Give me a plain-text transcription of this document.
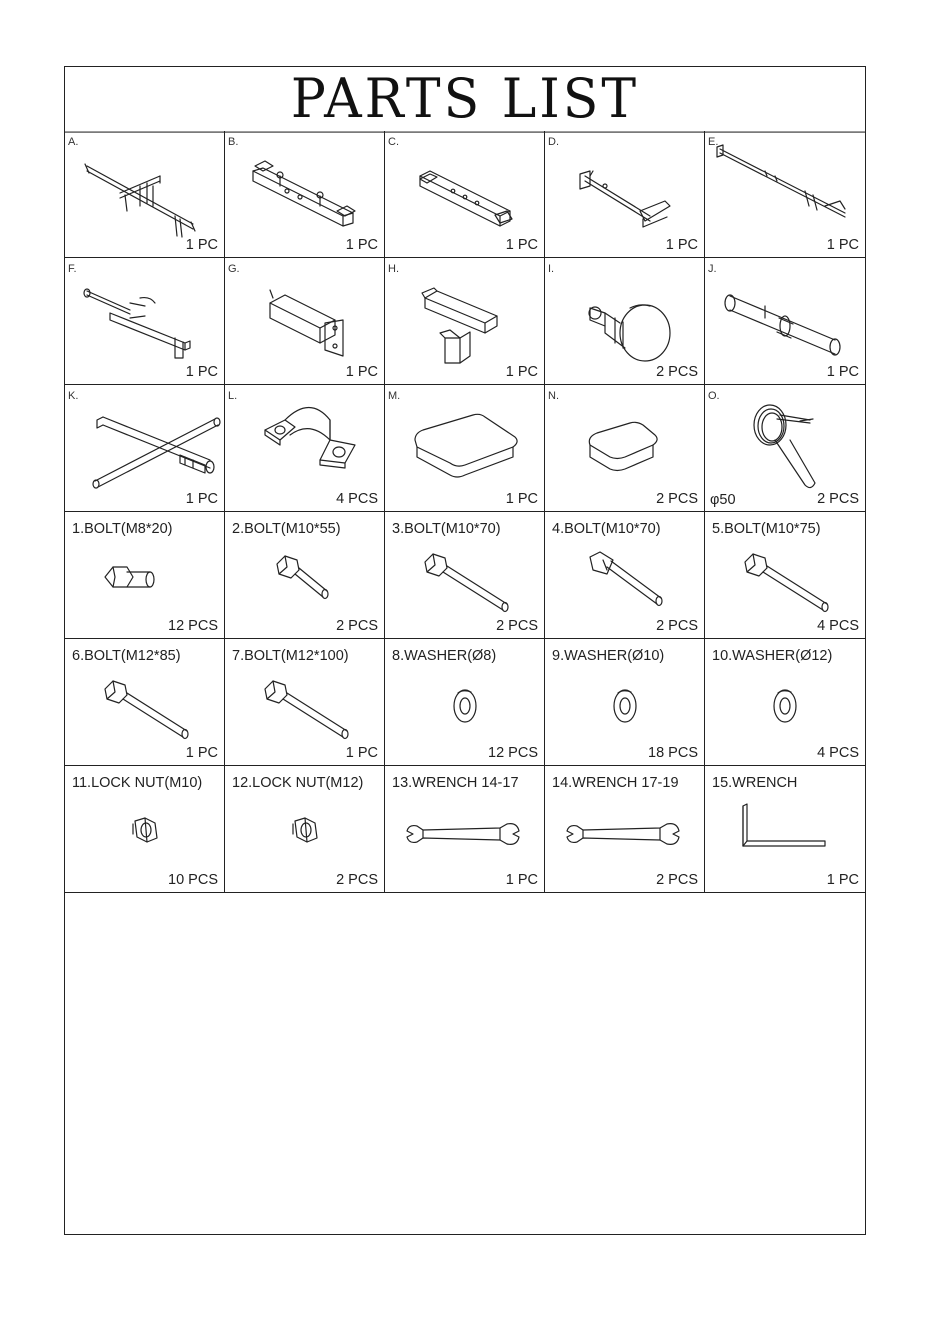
PARTS LIST
A.
1 PC
B.
1 PC
C.
1 PC
D.
1 PC
E.
1 PC
F.
1 PC
G.
1 PC
H.
1 PC
I.
2 PCS
J.
1 PC
K.
1 PC
L.
4 PCS
M.
1 PC
N.
2 PCS
O.
φ50	2 PCS
1.BOLT(M8*20)
12 PCS
2.BOLT(M10*55)
2 PCS
3.BOLT(M10*70)
2 PCS
4.BOLT(M10*70)
2 PCS
5.BOLT(M10*75)
4 PCS
6.BOLT(M12*85)
1 PC
7.BOLT(M12*100)
1 PC
8.WASHER(Ø8)
12 PCS
9.WASHER(Ø10)
18 PCS
10.WASHER(Ø12)
4 PCS
11.LOCK NUT(M10)
10 PCS
12.LOCK NUT(M12)
2 PCS
13.WRENCH 14-17
1 PC
14.WRENCH 17-19
2 PCS
15.WRENCH
1 PC
